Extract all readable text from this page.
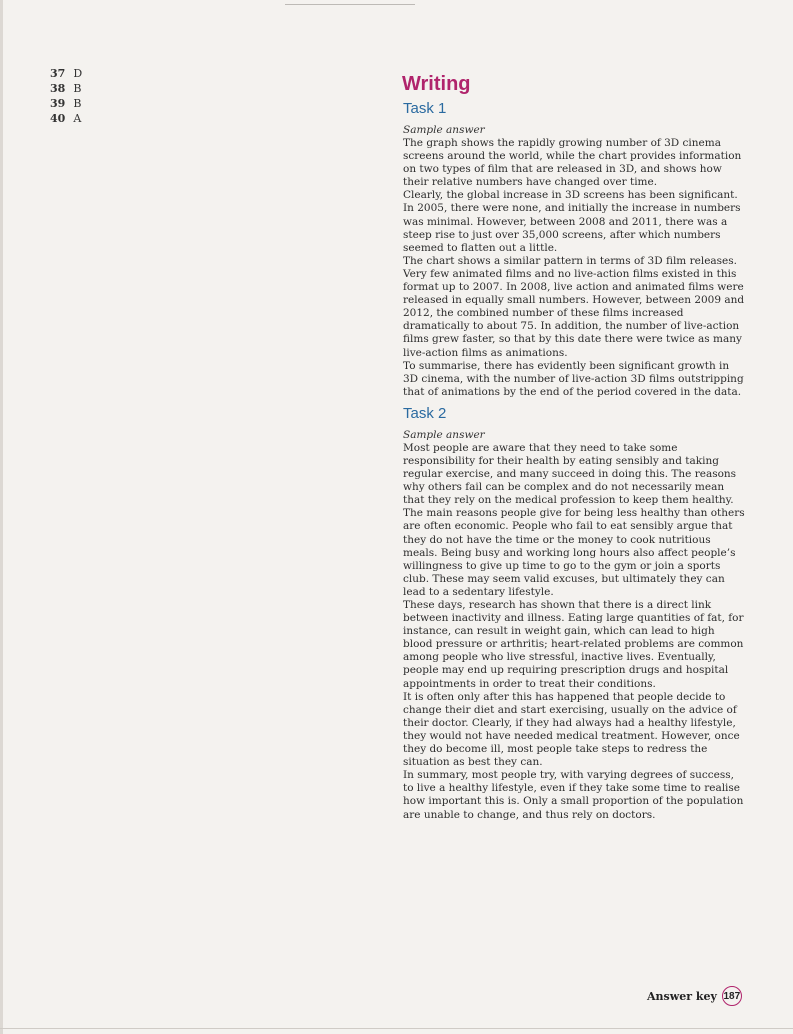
37 D
38 B
39 B
40 A
Writing
Task 1
Sample answer

The graph shows the rapidly growing number of 3D cinema screens around the world, while the chart provides information on two types of film that are released in 3D, and shows how their relative numbers have changed over time.

Clearly, the global increase in 3D screens has been significant. In 2005, there were none, and initially the increase in numbers was minimal. However, between 2008 and 2011, there was a steep rise to just over 35,000 screens, after which numbers seemed to flatten out a little.

The chart shows a similar pattern in terms of 3D film releases. Very few animated films and no live-action films existed in this format up to 2007. In 2008, live action and animated films were released in equally small numbers. However, between 2009 and 2012, the combined number of these films increased dramatically to about 75. In addition, the number of live-action films grew faster, so that by this date there were twice as many live-action films as animations.

To summarise, there has evidently been significant growth in 3D cinema, with the number of live-action 3D films outstripping that of animations by the end of the period covered in the data.

Task 2
Sample answer

Most people are aware that they need to take some responsibility for their health by eating sensibly and taking regular exercise, and many succeed in doing this. The reasons why others fail can be complex and do not necessarily mean that they rely on the medical profession to keep them healthy.

The main reasons people give for being less healthy than others are often economic. People who fail to eat sensibly argue that they do not have the time or the money to cook nutritious meals. Being busy and working long hours also affect people’s willingness to give up time to go to the gym or join a sports club. These may seem valid excuses, but ultimately they can lead to a sedentary lifestyle.

These days, research has shown that there is a direct link between inactivity and illness. Eating large quantities of fat, for instance, can result in weight gain, which can lead to high blood pressure or arthritis; heart-related problems are common among people who live stressful, inactive lives. Eventually, people may end up requiring prescription drugs and hospital appointments in order to treat their conditions.

It is often only after this has happened that people decide to change their diet and start exercising, usually on the advice of their doctor. Clearly, if they had always had a healthy lifestyle, they would not have needed medical treatment. However, once they do become ill, most people take steps to redress the situation as best they can.

In summary, most people try, with varying degrees of success, to live a healthy lifestyle, even if they take some time to realise how important this is. Only a small proportion of the population are unable to change, and thus rely on doctors.

Answer key 187
